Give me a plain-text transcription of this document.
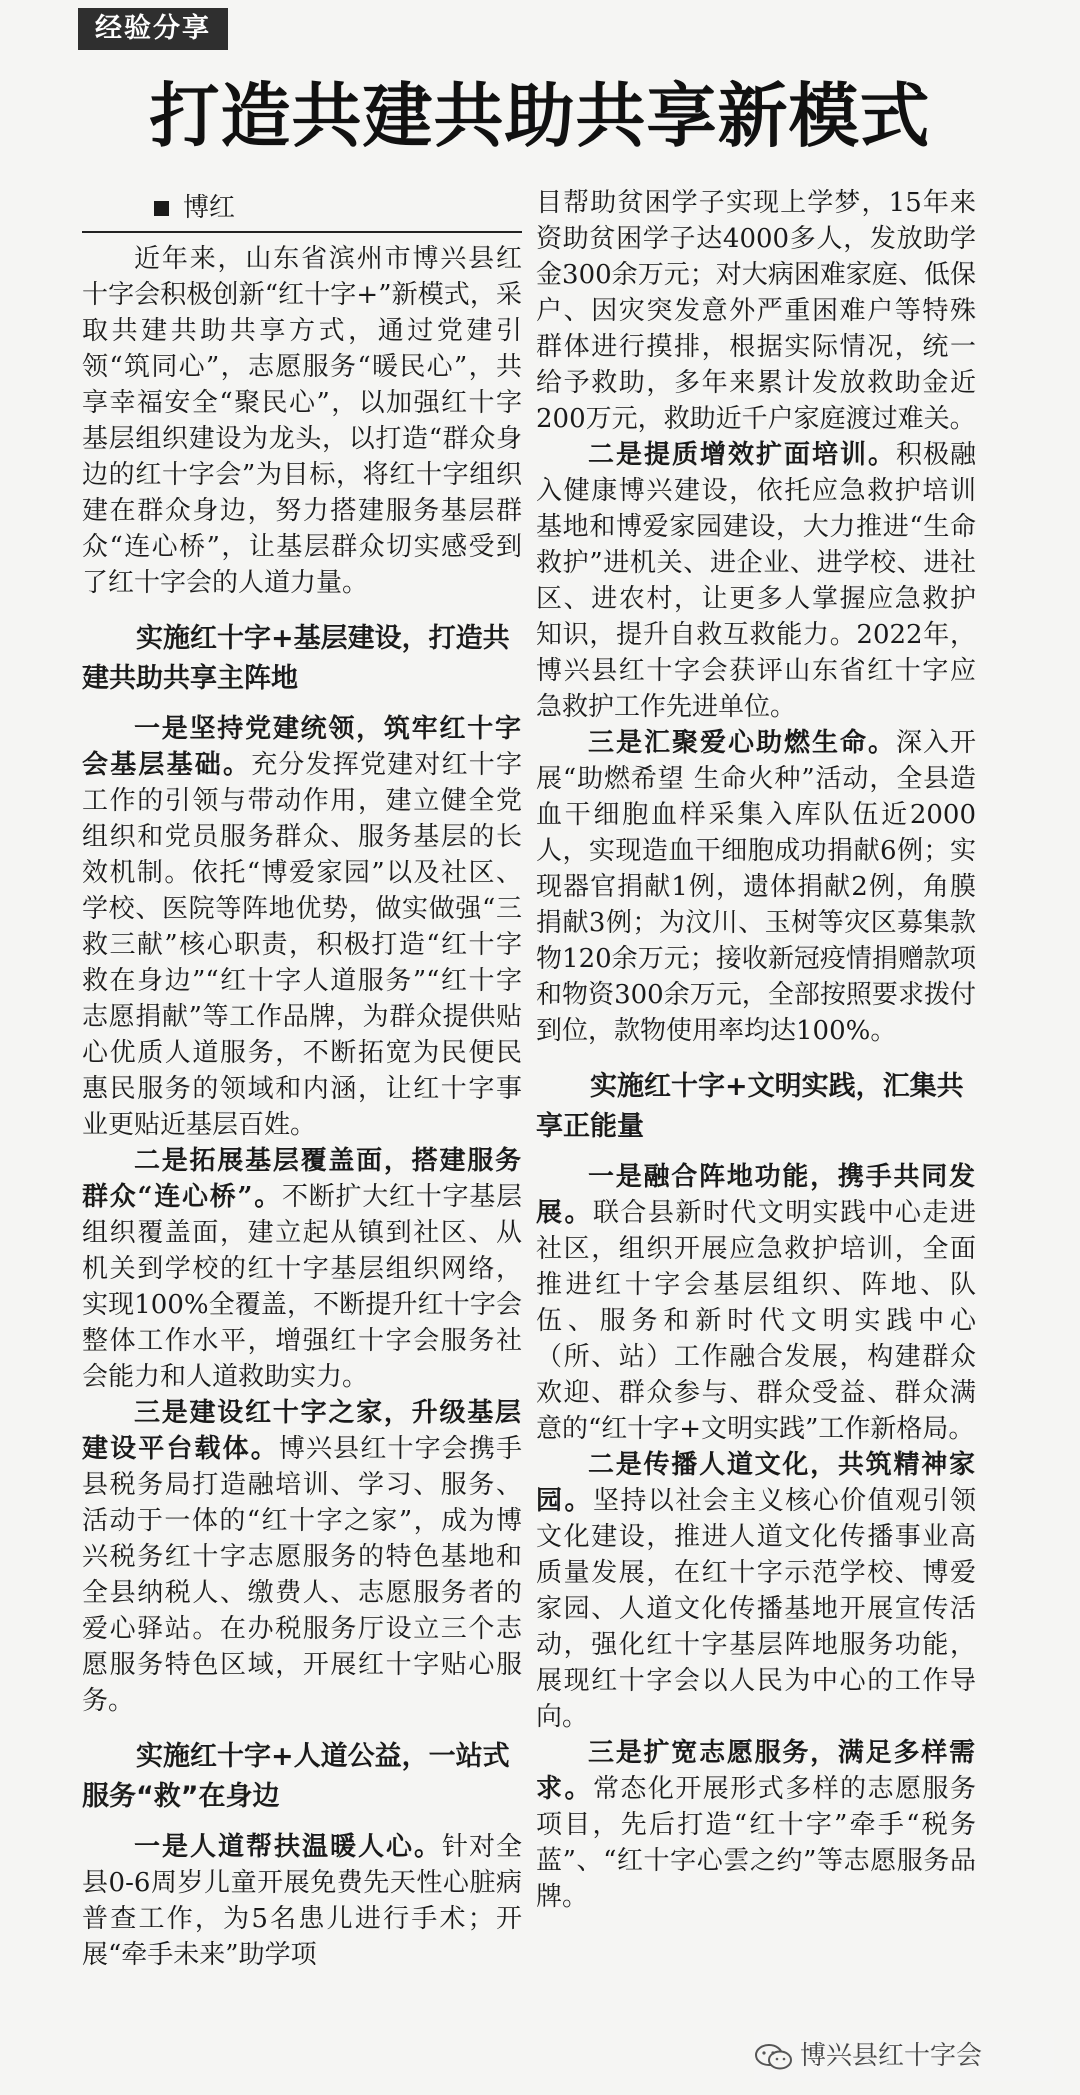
经验分享
打造共建共助共享新模式
博红

近年来，山东省滨州市博兴县红十字会积极创新“红十字+”新模式，采取共建共助共享方式，通过党建引领“筑同心”，志愿服务“暖民心”，共享幸福安全“聚民心”，以加强红十字基层组织建设为龙头，以打造“群众身边的红十字会”为目标，将红十字组织建在群众身边，努力搭建服务基层群众“连心桥”，让基层群众切实感受到了红十字会的人道力量。

实施红十字+基层建设，打造共建共助共享主阵地

一是坚持党建统领，筑牢红十字会基层基础。充分发挥党建对红十字工作的引领与带动作用，建立健全党组织和党员服务群众、服务基层的长效机制。依托“博爱家园”以及社区、学校、医院等阵地优势，做实做强“三救三献”核心职责，积极打造“红十字救在身边”“红十字人道服务”“红十字志愿捐献”等工作品牌，为群众提供贴心优质人道服务，不断拓宽为民便民惠民服务的领域和内涵，让红十字事业更贴近基层百姓。

二是拓展基层覆盖面，搭建服务群众“连心桥”。不断扩大红十字基层组织覆盖面，建立起从镇到社区、从机关到学校的红十字基层组织网络，实现100%全覆盖，不断提升红十字会整体工作水平，增强红十字会服务社会能力和人道救助实力。

三是建设红十字之家，升级基层建设平台载体。博兴县红十字会携手县税务局打造融培训、学习、服务、活动于一体的“红十字之家”，成为博兴税务红十字志愿服务的特色基地和全县纳税人、缴费人、志愿服务者的爱心驿站。在办税服务厅设立三个志愿服务特色区域，开展红十字贴心服务。

实施红十字+人道公益，一站式服务“救”在身边

一是人道帮扶温暖人心。针对全县0-6周岁儿童开展免费先天性心脏病普查工作，为5名患儿进行手术；开展“牵手未来”助学项

目帮助贫困学子实现上学梦，15年来资助贫困学子达4000多人，发放助学金300余万元；对大病困难家庭、低保户、因灾突发意外严重困难户等特殊群体进行摸排，根据实际情况，统一给予救助，多年来累计发放救助金近200万元，救助近千户家庭渡过难关。

二是提质增效扩面培训。积极融入健康博兴建设，依托应急救护培训基地和博爱家园建设，大力推进“生命救护”进机关、进企业、进学校、进社区、进农村，让更多人掌握应急救护知识，提升自救互救能力。2022年，博兴县红十字会获评山东省红十字应急救护工作先进单位。

三是汇聚爱心助燃生命。深入开展“助燃希望 生命火种”活动，全县造血干细胞血样采集入库队伍近2000人，实现造血干细胞成功捐献6例；实现器官捐献1例，遗体捐献2例，角膜捐献3例；为汶川、玉树等灾区募集款物120余万元；接收新冠疫情捐赠款项和物资300余万元，全部按照要求拨付到位，款物使用率均达100%。

实施红十字+文明实践，汇集共享正能量

一是融合阵地功能，携手共同发展。联合县新时代文明实践中心走进社区，组织开展应急救护培训，全面推进红十字会基层组织、阵地、队伍、服务和新时代文明实践中心（所、站）工作融合发展，构建群众欢迎、群众参与、群众受益、群众满意的“红十字+文明实践”工作新格局。

二是传播人道文化，共筑精神家园。坚持以社会主义核心价值观引领文化建设，推进人道文化传播事业高质量发展，在红十字示范学校、博爱家园、人道文化传播基地开展宣传活动，强化红十字基层阵地服务功能，展现红十字会以人民为中心的工作导向。

三是扩宽志愿服务，满足多样需求。常态化开展形式多样的志愿服务项目，先后打造“红十字”牵手“税务蓝”、“红十字心雲之约”等志愿服务品牌。

博兴县红十字会
